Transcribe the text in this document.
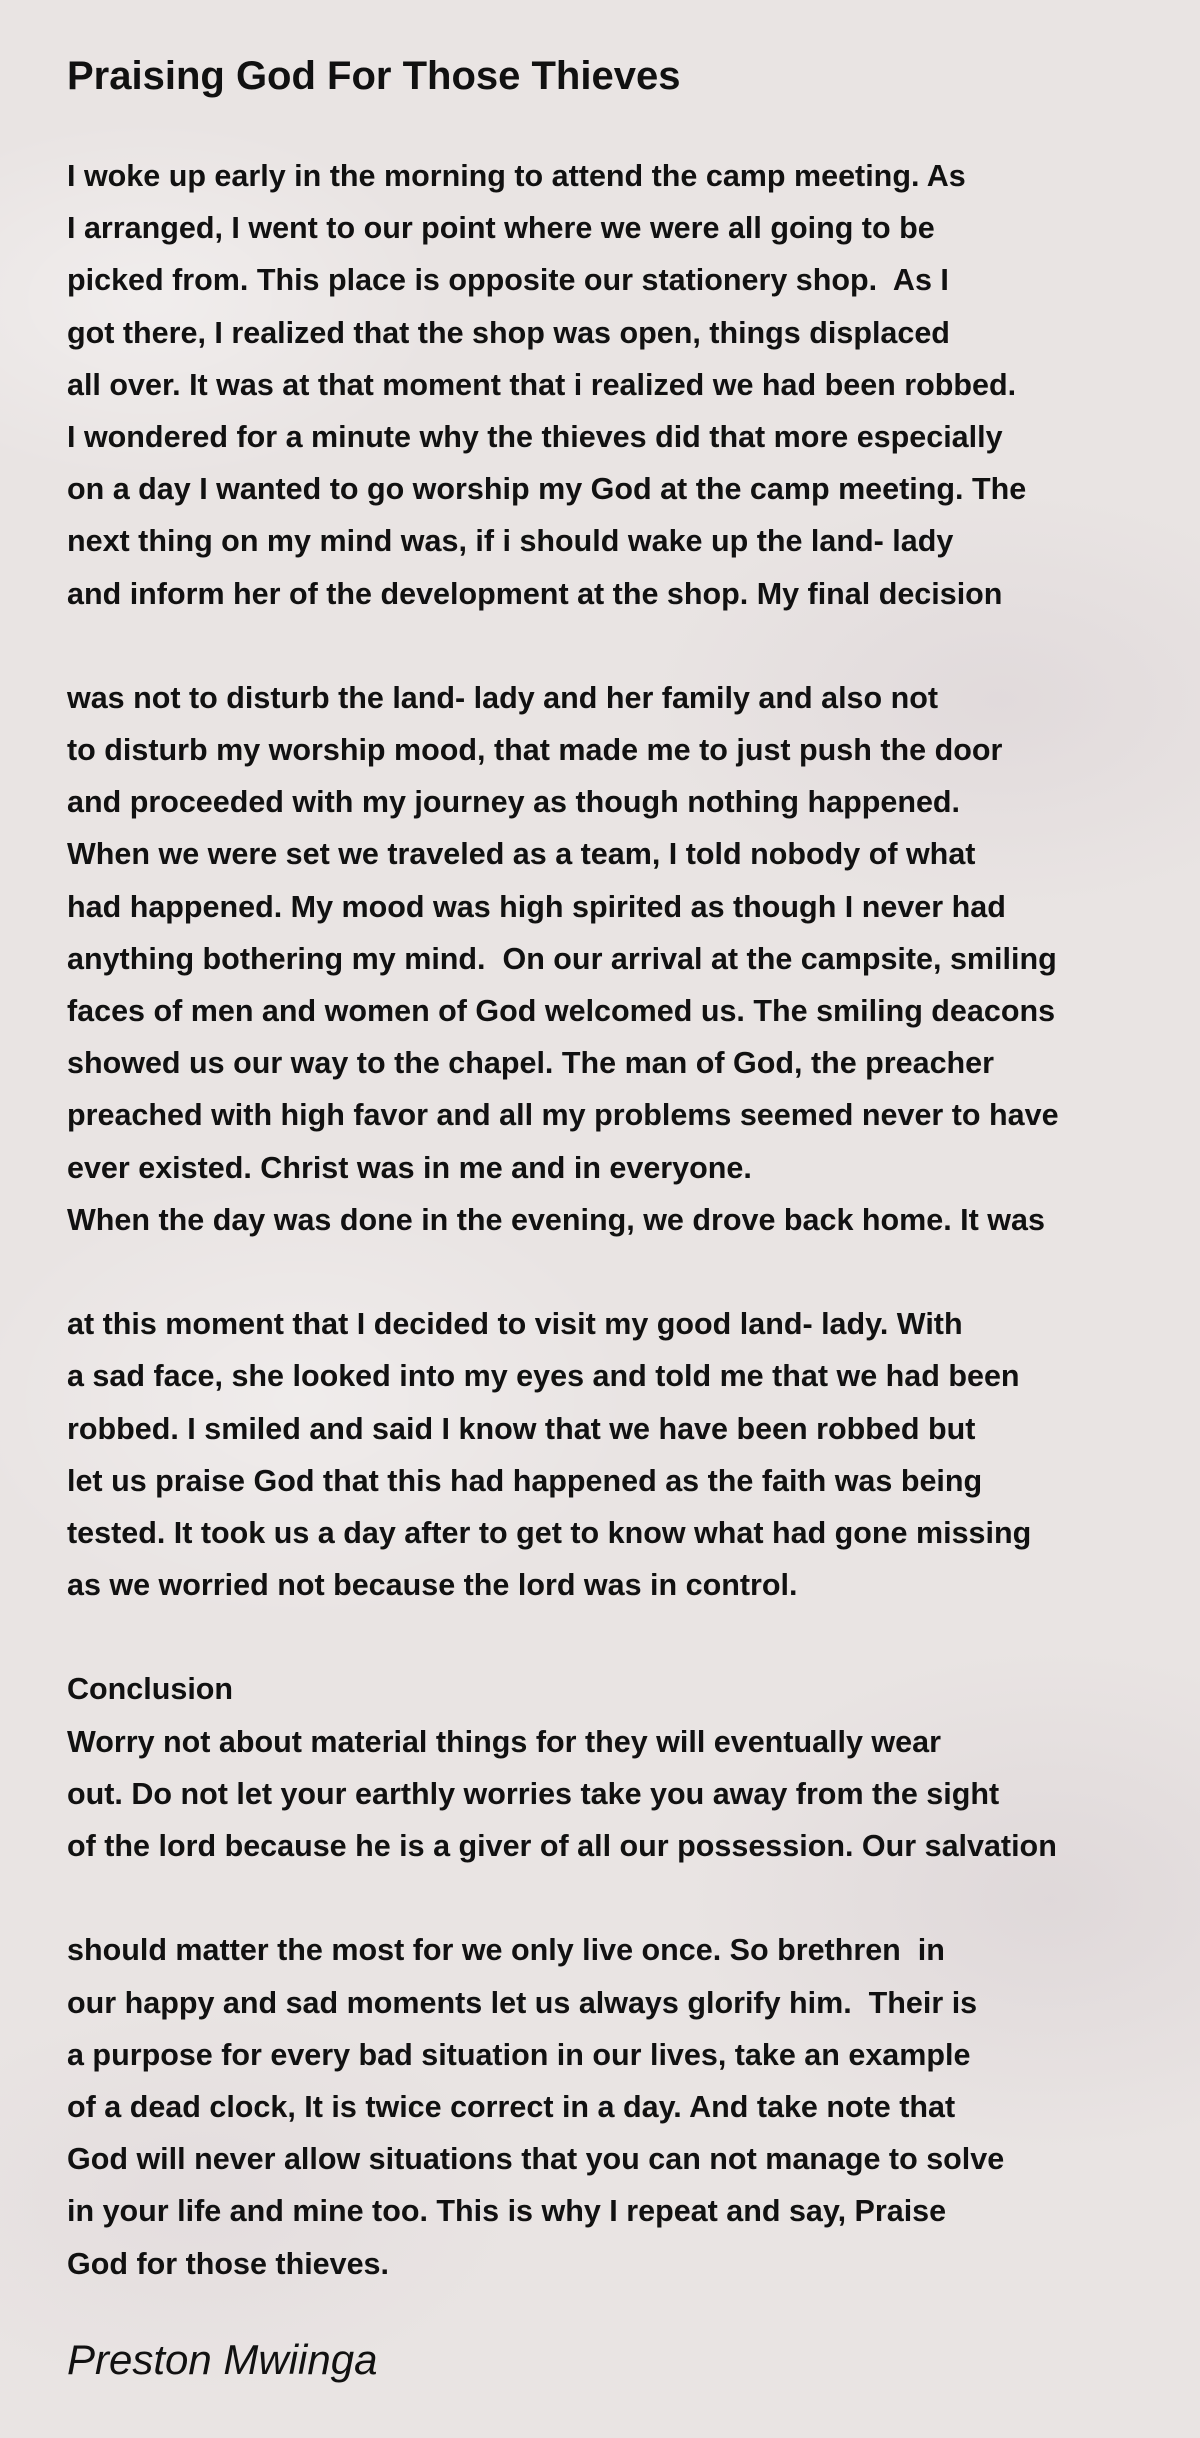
Praising God For Those Thieves
I woke up early in the morning to attend the camp meeting. As
I arranged, I went to our point where we were all going to be
picked from. This place is opposite our stationery shop.  As I
got there, I realized that the shop was open, things displaced
all over. It was at that moment that i realized we had been robbed.
I wondered for a minute why the thieves did that more especially
on a day I wanted to go worship my God at the camp meeting. The
next thing on my mind was, if i should wake up the land- lady
and inform her of the development at the shop. My final decision
was not to disturb the land- lady and her family and also not
to disturb my worship mood, that made me to just push the door
and proceeded with my journey as though nothing happened.
When we were set we traveled as a team, I told nobody of what
had happened. My mood was high spirited as though I never had
anything bothering my mind.  On our arrival at the campsite, smiling
faces of men and women of God welcomed us. The smiling deacons
showed us our way to the chapel. The man of God, the preacher
preached with high favor and all my problems seemed never to have
ever existed. Christ was in me and in everyone.
When the day was done in the evening, we drove back home. It was
at this moment that I decided to visit my good land- lady. With
a sad face, she looked into my eyes and told me that we had been
robbed. I smiled and said I know that we have been robbed but
let us praise God that this had happened as the faith was being
tested. It took us a day after to get to know what had gone missing
as we worried not because the lord was in control.
Conclusion
Worry not about material things for they will eventually wear
out. Do not let your earthly worries take you away from the sight
of the lord because he is a giver of all our possession. Our salvation
should matter the most for we only live once. So brethren  in
our happy and sad moments let us always glorify him.  Their is
a purpose for every bad situation in our lives, take an example
of a dead clock, It is twice correct in a day. And take note that
God will never allow situations that you can not manage to solve
in your life and mine too. This is why I repeat and say, Praise
God for those thieves.
Preston Mwiinga
